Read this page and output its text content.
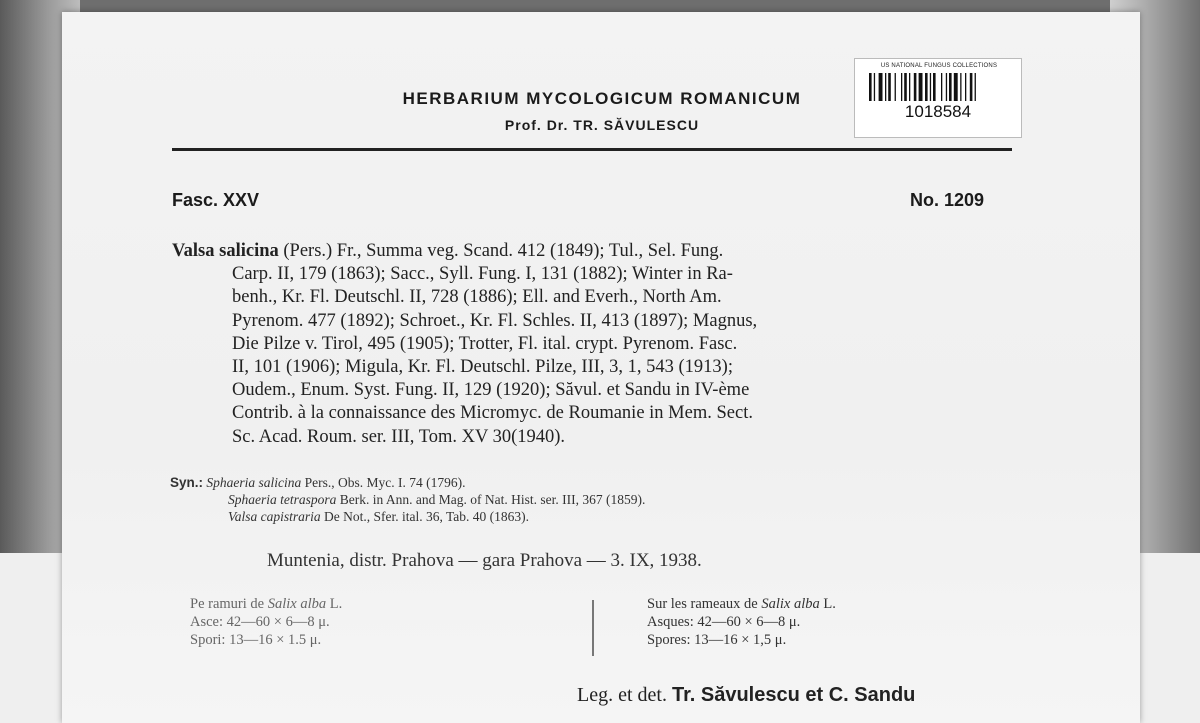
HERBARIUM MYCOLOGICUM ROMANICUM
Prof. Dr. TR. SĂVULESCU
US NATIONAL FUNGUS COLLECTIONS
1018584
Fasc. XXV	No. 1209
Valsa salicina (Pers.) Fr., Summa veg. Scand. 412 (1849); Tul., Sel. Fung.
Carp. II, 179 (1863); Sacc., Syll. Fung. I, 131 (1882); Winter in Ra-
benh., Kr. Fl. Deutschl. II, 728 (1886); Ell. and Everh., North Am.
Pyrenom. 477 (1892); Schroet., Kr. Fl. Schles. II, 413 (1897); Magnus,
Die Pilze v. Tirol, 495 (1905); Trotter, Fl. ital. crypt. Pyrenom. Fasc.
II, 101 (1906); Migula, Kr. Fl. Deutschl. Pilze, III, 3, 1, 543 (1913);
Oudem., Enum. Syst. Fung. II, 129 (1920); Săvul. et Sandu in IV-ème
Contrib. à la connaissance des Micromyc. de Roumanie in Mem. Sect.
Sc. Acad. Roum. ser. III, Tom. XV 30(1940).
Syn.: Sphaeria salicina Pers., Obs. Myc. I. 74 (1796).
Sphaeria tetraspora Berk. in Ann. and Mag. of Nat. Hist. ser. III, 367 (1859).
Valsa capistraria De Not., Sfer. ital. 36, Tab. 40 (1863).
Muntenia, distr. Prahova — gara Prahova — 3. IX, 1938.
Pe ramuri de Salix alba L.
Asce: 42—60 × 6—8 μ.
Spori: 13—16 × 1.5 μ.
Sur les rameaux de Salix alba L.
Asques: 42—60 × 6—8 μ.
Spores: 13—16 × 1,5 μ.
Leg. et det. Tr. Săvulescu et C. Sandu
